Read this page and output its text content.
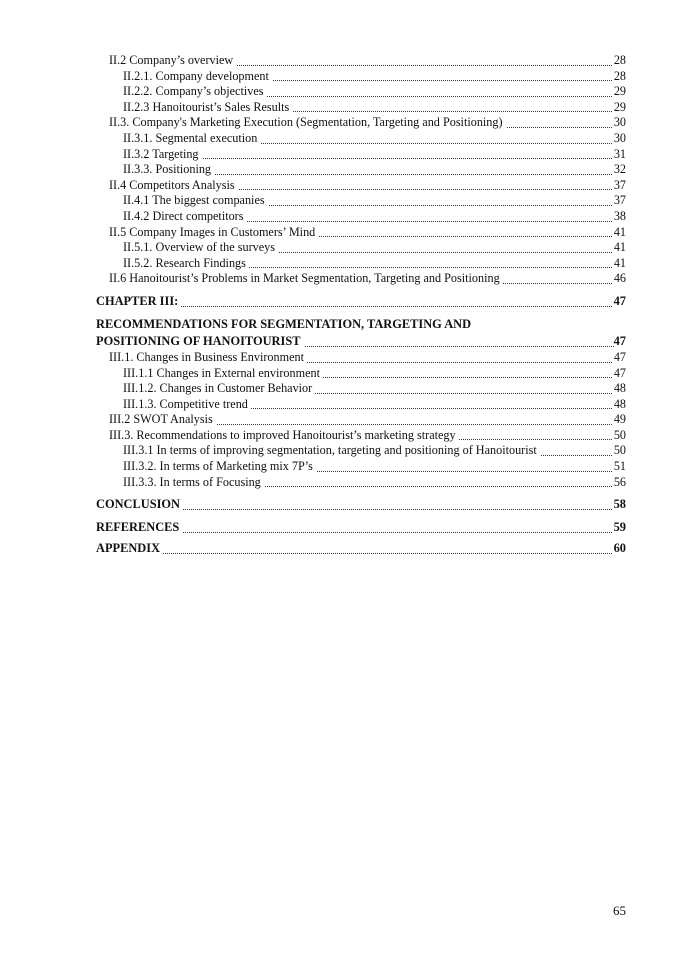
II.2 Company’s overview	28
II.2.1. Company development	28
II.2.2. Company’s objectives	29
II.2.3 Hanoitourist’s Sales Results	29
II.3. Company's Marketing Execution (Segmentation, Targeting and Positioning)	30
II.3.1. Segmental execution	30
II.3.2 Targeting	31
II.3.3. Positioning	32
II.4 Competitors Analysis	37
II.4.1 The biggest companies	37
II.4.2 Direct competitors	38
II.5 Company Images in Customers’ Mind	41
II.5.1. Overview of the surveys	41
II.5.2. Research Findings	41
II.6 Hanoitourist’s Problems in Market Segmentation, Targeting and Positioning	46
CHAPTER III:	47
RECOMMENDATIONS FOR SEGMENTATION, TARGETING AND
POSITIONING OF HANOITOURIST	47
III.1. Changes in Business Environment	47
III.1.1 Changes in External environment	47
III.1.2. Changes in Customer Behavior	48
III.1.3. Competitive trend	48
III.2 SWOT Analysis	49
III.3. Recommendations to improved Hanoitourist’s marketing strategy	50
III.3.1 In terms of improving segmentation, targeting and positioning of Hanoitourist	50
III.3.2. In terms of Marketing mix 7P’s	51
III.3.3. In terms of Focusing	56
CONCLUSION	58
REFERENCES	59
APPENDIX	60
65
